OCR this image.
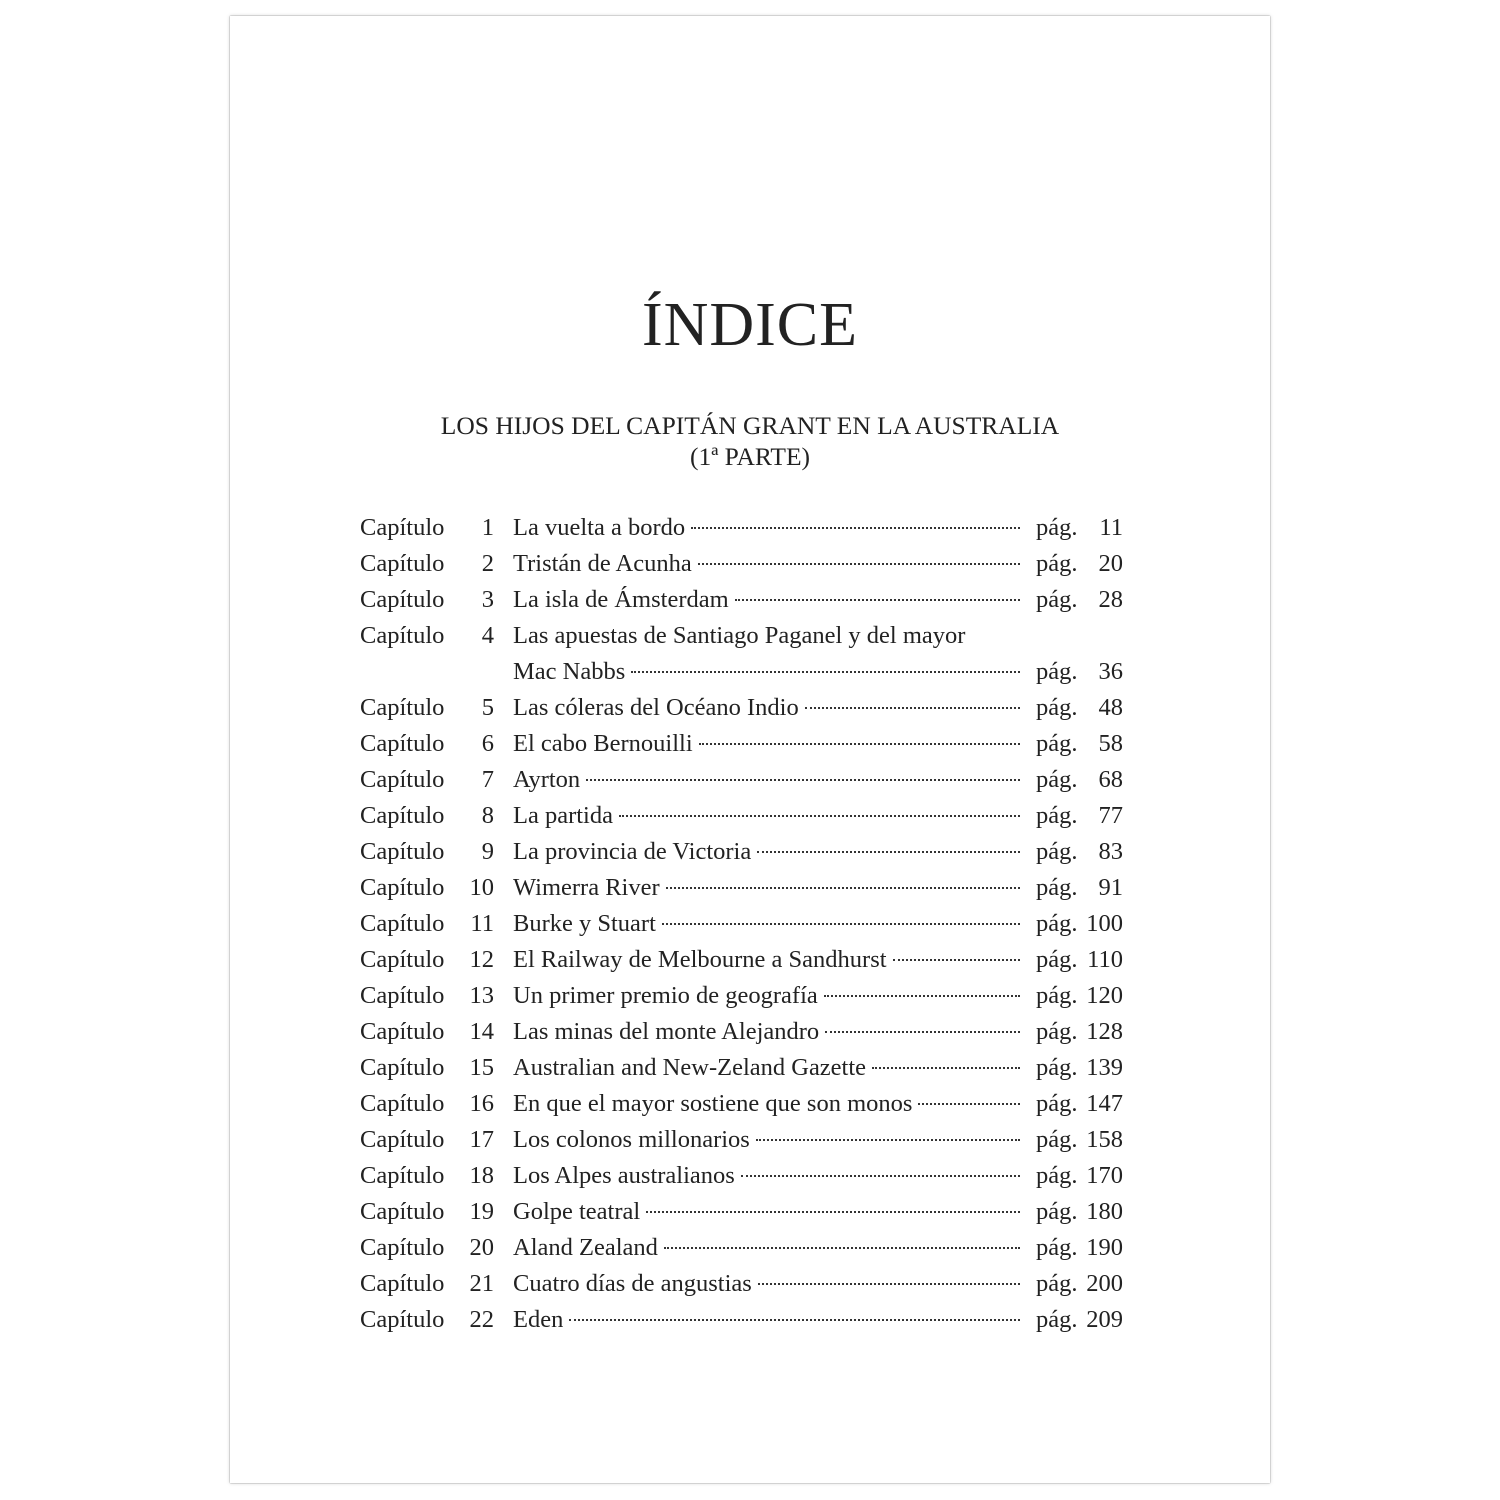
ÍNDICE
LOS HIJOS DEL CAPITÁN GRANT EN LA AUSTRALIA
(1ª PARTE)
Capítulo	1 La vuelta a bordo	pág. 11
Capítulo	2 Tristán de Acunha	pág. 20
Capítulo	3 La isla de Ámsterdam	pág. 28
Capítulo	4 Las apuestas de Santiago Paganel y del mayor
Mac Nabbs	pág. 36
Capítulo	5 Las cóleras del Océano Indio	pág. 48
Capítulo	6 El cabo Bernouilli	pág. 58
Capítulo	7 Ayrton	pág. 68
Capítulo	8 La partida	pág. 77
Capítulo	9 La provincia de Victoria	pág. 83
Capítulo	10 Wimerra River	pág. 91
Capítulo	11 Burke y Stuart	pág. 100
Capítulo	12 El Railway de Melbourne a Sandhurst	pág. 110
Capítulo	13 Un primer premio de geografía	pág. 120
Capítulo	14 Las minas del monte Alejandro	pág. 128
Capítulo	15 Australian and New-Zeland Gazette	pág. 139
Capítulo	16 En que el mayor sostiene que son monos	pág. 147
Capítulo	17 Los colonos millonarios	pág. 158
Capítulo	18 Los Alpes australianos	pág. 170
Capítulo	19 Golpe teatral	pág. 180
Capítulo	20 Aland Zealand	pág. 190
Capítulo	21 Cuatro días de angustias	pág. 200
Capítulo	22 Eden	pág. 209
